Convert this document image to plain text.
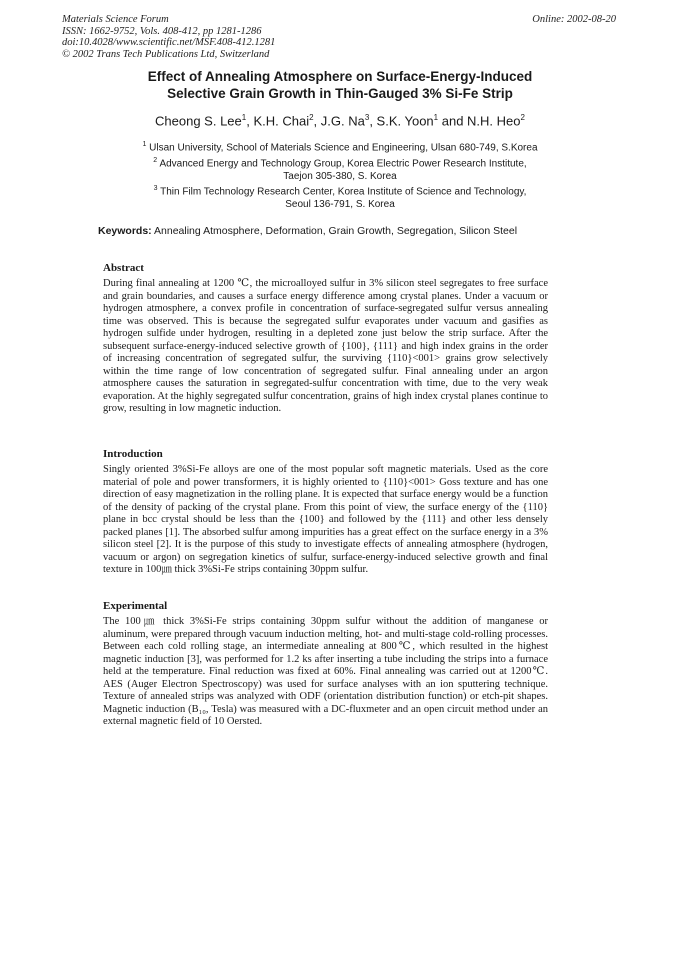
Materials Science Forum
ISSN: 1662-9752, Vols. 408-412, pp 1281-1286
doi:10.4028/www.scientific.net/MSF.408-412.1281
© 2002 Trans Tech Publications Ltd, Switzerland
Online: 2002-08-20
Effect of Annealing Atmosphere on Surface-Energy-Induced
Selective Grain Growth in Thin-Gauged 3% Si-Fe Strip
Cheong S. Lee$^1$, K.H. Chai$^2$, J.G. Na$^3$, S.K. Yoon$^1$ and N.H. Heo$^2$
$^1$ Ulsan University, School of Materials Science and Engineering, Ulsan 680-749, S.Korea
$^2$ Advanced Energy and Technology Group, Korea Electric Power Research Institute,
Taejon 305-380, S. Korea
$^3$ Thin Film Technology Research Center, Korea Institute of Science and Technology,
Seoul 136-791, S. Korea
Keywords: Annealing Atmosphere, Deformation, Grain Growth, Segregation, Silicon Steel
Abstract
During final annealing at 1200 ℃, the microalloyed sulfur in 3% silicon steel segregates to free surface and grain boundaries, and causes a surface energy difference among crystal planes. Under a vacuum or hydrogen atmosphere, a convex profile in concentration of surface-segregated sulfur versus annealing time was observed. This is because the segregated sulfur evaporates under vacuum and gasifies as hydrogen sulfide under hydrogen, resulting in a depleted zone just below the strip surface. After the subsequent surface-energy-induced selective growth of {100}, {111} and high index grains in the order of increasing concentration of segregated sulfur, the surviving {110}<001> grains grow selectively within the time range of low concentration of segregated sulfur. Final annealing under an argon atmosphere causes the saturation in segregated-sulfur concentration with time, due to the very weak evaporation. At the highly segregated sulfur concentration, grains of high index crystal planes continue to grow, resulting in low magnetic induction.
Introduction
Singly oriented 3%Si-Fe alloys are one of the most popular soft magnetic materials. Used as the core material of pole and power transformers, it is highly oriented to {110}<001> Goss texture and has one direction of easy magnetization in the rolling plane. It is expected that surface energy would be a function of the density of packing of the crystal plane. From this point of view, the surface energy of the {110} plane in bcc crystal should be less than the {100} and followed by the {111} and other less densely packed planes [1]. The absorbed sulfur among impurities has a great effect on the surface energy in a 3% silicon steel [2]. It is the purpose of this study to investigate effects of annealing atmosphere (hydrogen, vacuum or argon) on segregation kinetics of sulfur, surface-energy-induced selective growth and final texture in 100㎛ thick 3%Si-Fe strips containing 30ppm sulfur.
Experimental
The 100㎛ thick 3%Si-Fe strips containing 30ppm sulfur without the addition of manganese or aluminum, were prepared through vacuum induction melting, hot- and multi-stage cold-rolling processes. Between each cold rolling stage, an intermediate annealing at 800℃, which resulted in the highest magnetic induction [3], was performed for 1.2 ks after inserting a tube including the strips into a furnace held at the temperature. Final reduction was fixed at 60%. Final annealing was carried out at 1200℃. AES (Auger Electron Spectroscopy) was used for surface analyses with an ion sputtering technique. Texture of annealed strips was analyzed with ODF (orientation distribution function) or etch-pit shapes. Magnetic induction (B₁₀, Tesla) was measured with a DC-fluxmeter and an open circuit method under an external magnetic field of 10 Oersted.
